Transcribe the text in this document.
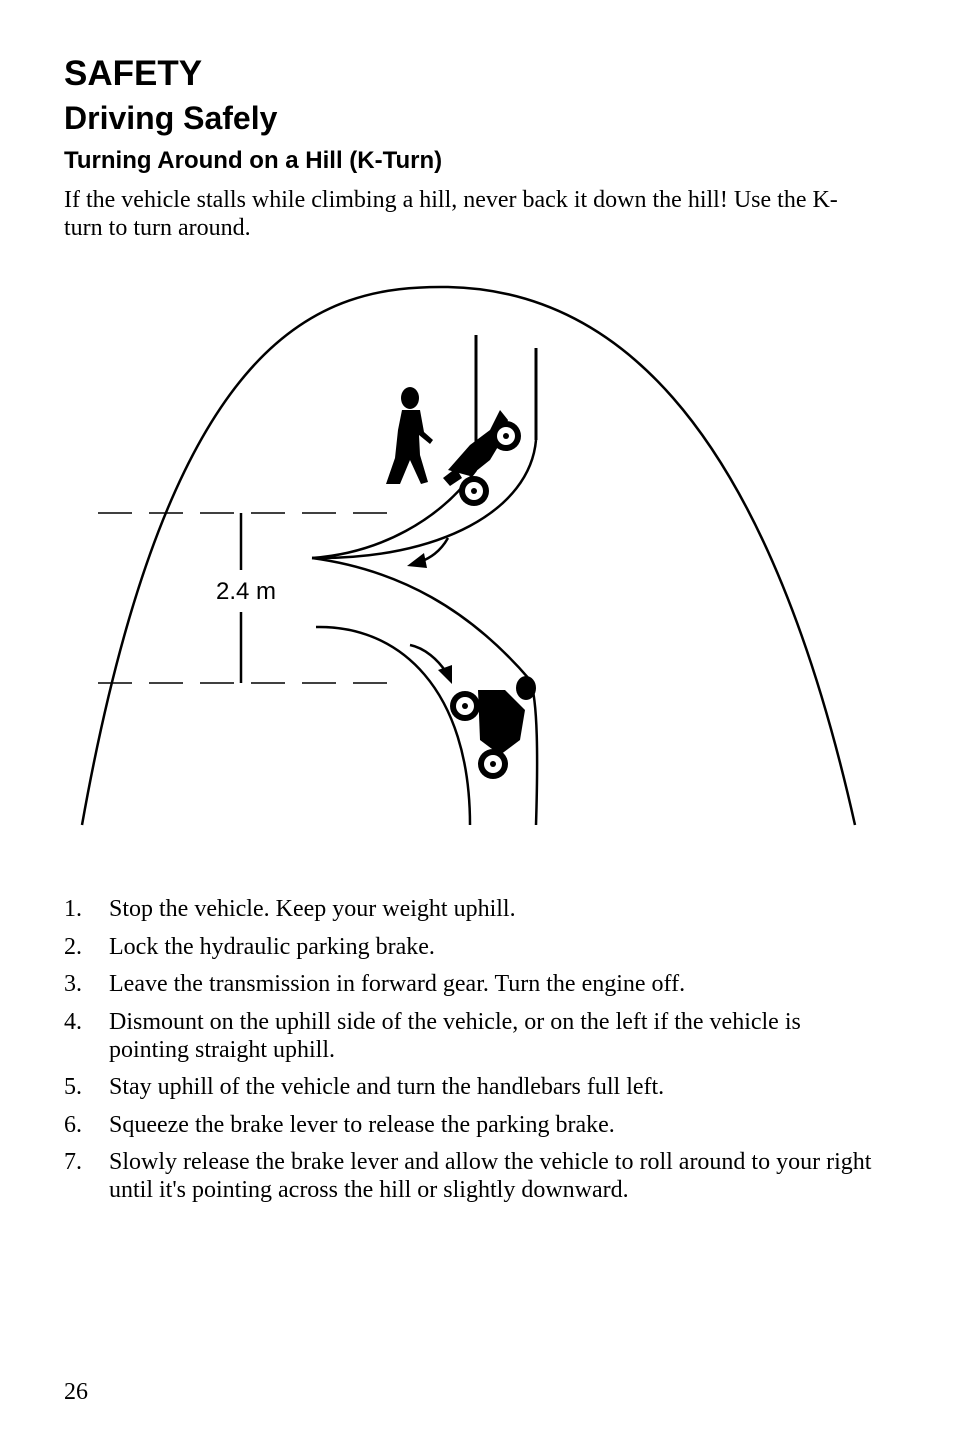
SAFETY
Driving Safely
Turning Around on a Hill (K-Turn)

If the vehicle stalls while climbing a hill, never back it down the hill! Use the K-turn to turn around.

2.4 m
1. Stop the vehicle. Keep your weight uphill.
2. Lock the hydraulic parking brake.
3. Leave the transmission in forward gear. Turn the engine off.
4. Dismount on the uphill side of the vehicle, or on the left if the vehicle is pointing straight uphill.
5. Stay uphill of the vehicle and turn the handlebars full left.
6. Squeeze the brake lever to release the parking brake.
7. Slowly release the brake lever and allow the vehicle to roll around to your right until it's pointing across the hill or slightly downward.

26
